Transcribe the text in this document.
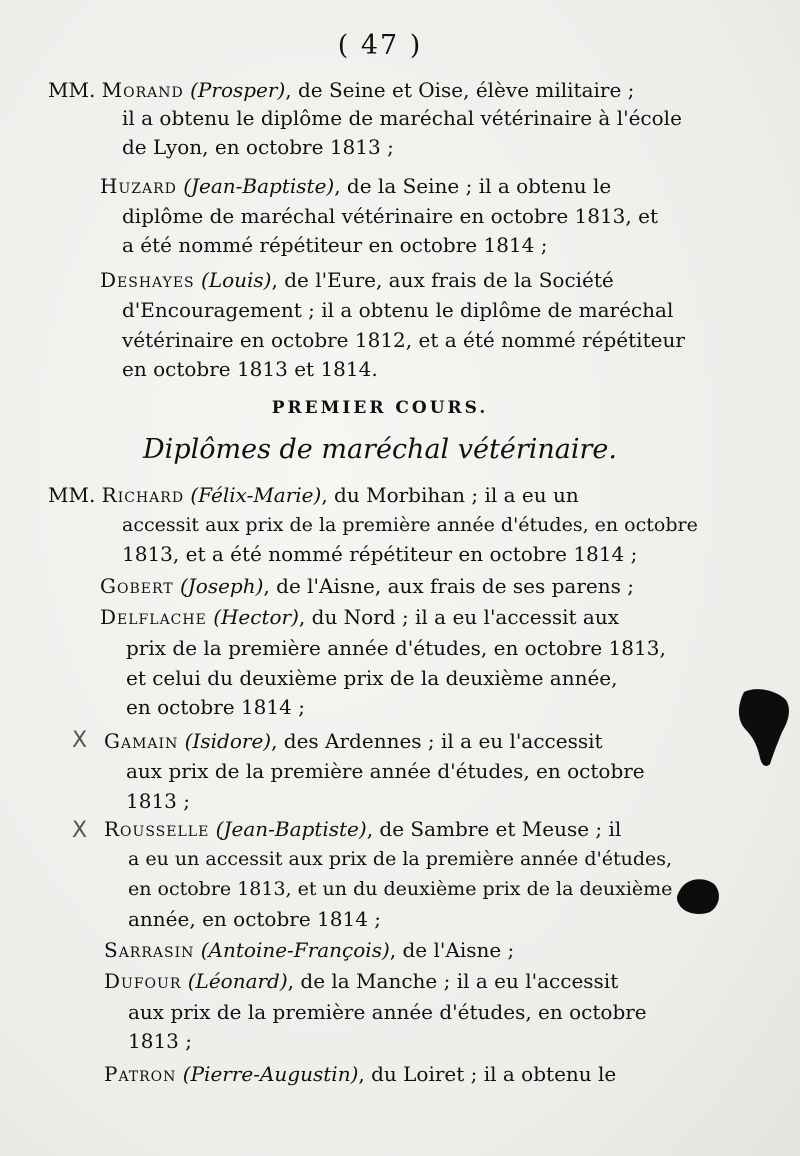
( 47 )
MM. Morand (Prosper), de Seine et Oise, élève militaire ;
il a obtenu le diplôme de maréchal vétérinaire à l'école
de Lyon, en octobre 1813 ;
Huzard (Jean-Baptiste), de la Seine ; il a obtenu le
diplôme de maréchal vétérinaire en octobre 1813, et
a été nommé répétiteur en octobre 1814 ;
Deshayes (Louis), de l'Eure, aux frais de la Société
d'Encouragement ; il a obtenu le diplôme de maréchal
vétérinaire en octobre 1812, et a été nommé répétiteur
en octobre 1813 et 1814.
PREMIER COURS.
Diplômes de maréchal vétérinaire.
MM. Richard (Félix-Marie), du Morbihan ; il a eu un
accessit aux prix de la première année d'études, en octobre
1813, et a été nommé répétiteur en octobre 1814 ;
Gobert (Joseph), de l'Aisne, aux frais de ses parens ;
Delflache (Hector), du Nord ; il a eu l'accessit aux
prix de la première année d'études, en octobre 1813,
et celui du deuxième prix de la deuxième année,
en octobre 1814 ;
X Gamain (Isidore), des Ardennes ; il a eu l'accessit
aux prix de la première année d'études, en octobre
1813 ;
X Rousselle (Jean-Baptiste), de Sambre et Meuse ; il
a eu un accessit aux prix de la première année d'études,
en octobre 1813, et un du deuxième prix de la deuxième
année, en octobre 1814 ;
Sarrasin (Antoine-François), de l'Aisne ;
Dufour (Léonard), de la Manche ; il a eu l'accessit
aux prix de la première année d'études, en octobre
1813 ;
Patron (Pierre-Augustin), du Loiret ; il a obtenu le
